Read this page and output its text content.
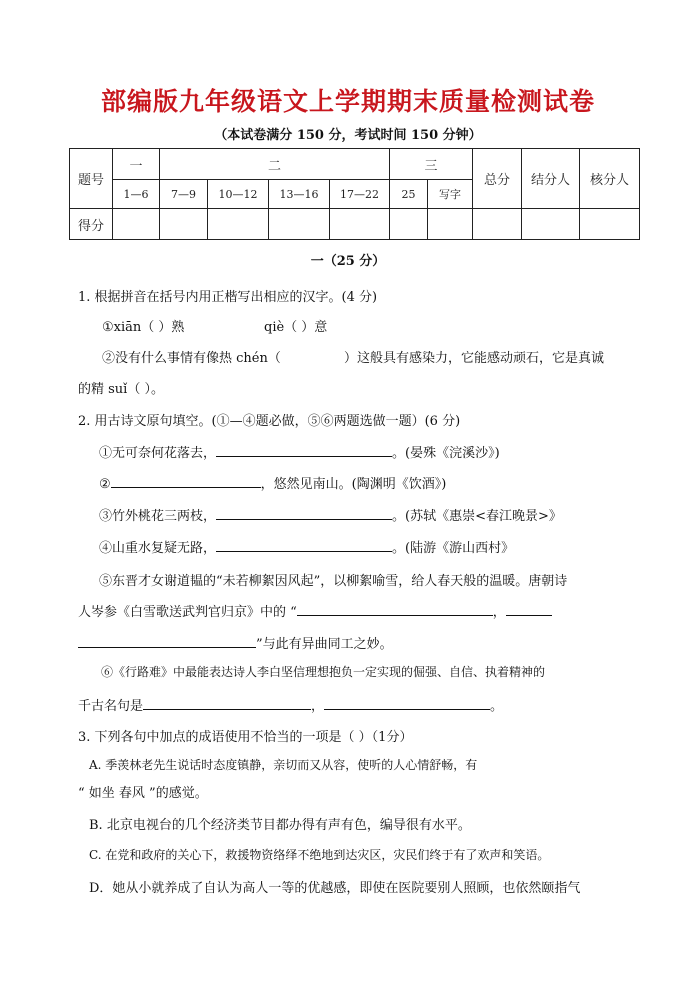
部编版九年级语文上学期期末质量检测试卷
（本试卷满分 150 分，考试时间 150 分钟）
题号	一	二				三		总分	结分人	核分人
	1—6	7—9	10—12	13—16	17—22	25	写字			
得分										
一（25 分）
1. 根据拼音在括号内用正楷写出相应的汉字。(4 分)
①xiān（ ）熟	qiè（ ）意
②没有什么事情有像热 chén（	）这般具有感染力，它能感动顽石，它是真诚
的精 suǐ（ ）。
2. 用古诗文原句填空。(①—④题必做，⑤⑥两题选做一题）(6 分)
①无可奈何花落去，	。(晏殊《浣溪沙》)
②	，悠然见南山。(陶渊明《饮酒》)
③竹外桃花三两枝，	。(苏轼《惠崇<春江晚景>》
④山重水复疑无路，	。(陆游《游山西村》
⑤东晋才女谢道韫的“未若柳絮因风起”，以柳絮喻雪，给人春天般的温暖。唐朝诗
人岑参《白雪歌送武判官归京》中的 “	，
”与此有异曲同工之妙。
⑥《行路难》中最能表达诗人李白坚信理想抱负一定实现的倔强、自信、执着精神的
千古名句是	，	。
3. 下列各句中加点的成语使用不恰当的一项是（ ）（1分）
A. 季羡林老先生说话时态度镇静，亲切而又从容，使听的人心情舒畅，有
“ 如坐 春风 ”的感觉。
B. 北京电视台的几个经济类节目都办得有声有色，编导很有水平。
C. 在党和政府的关心下，救援物资络绎不绝地到达灾区，灾民们终于有了欢声和笑语。
D．她从小就养成了自认为高人一等的优越感，即使在医院要别人照顾，也依然颐指气
